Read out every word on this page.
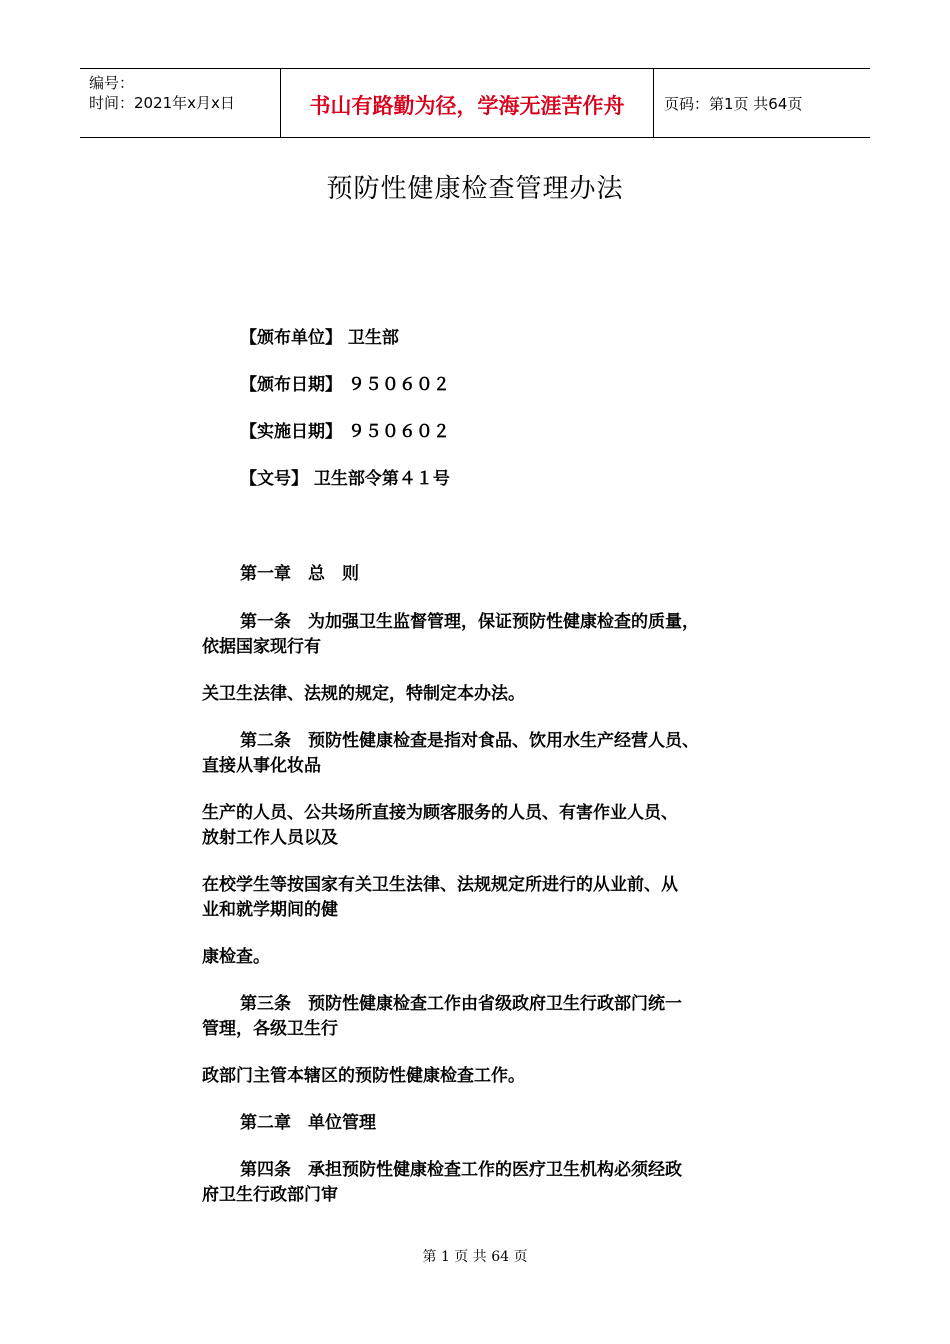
编号：
时间：2021年x月x日	书山有路勤为径，学海无涯苦作舟	页码：第1页 共64页
预防性健康检查管理办法
【颁布单位】 卫生部
【颁布日期】 ９５０６０２
【实施日期】 ９５０６０２
【文号】 卫生部令第４１号
第一章　总　则
第一条　为加强卫生监督管理，保证预防性健康检查的质量，
依据国家现行有
关卫生法律、法规的规定，特制定本办法。
第二条　预防性健康检查是指对食品、饮用水生产经营人员、
直接从事化妆品
生产的人员、公共场所直接为顾客服务的人员、有害作业人员、
放射工作人员以及
在校学生等按国家有关卫生法律、法规规定所进行的从业前、从
业和就学期间的健
康检查。
第三条　预防性健康检查工作由省级政府卫生行政部门统一
管理，各级卫生行
政部门主管本辖区的预防性健康检查工作。
第二章　单位管理
第四条　承担预防性健康检查工作的医疗卫生机构必须经政
府卫生行政部门审
第 1 页 共 64 页
